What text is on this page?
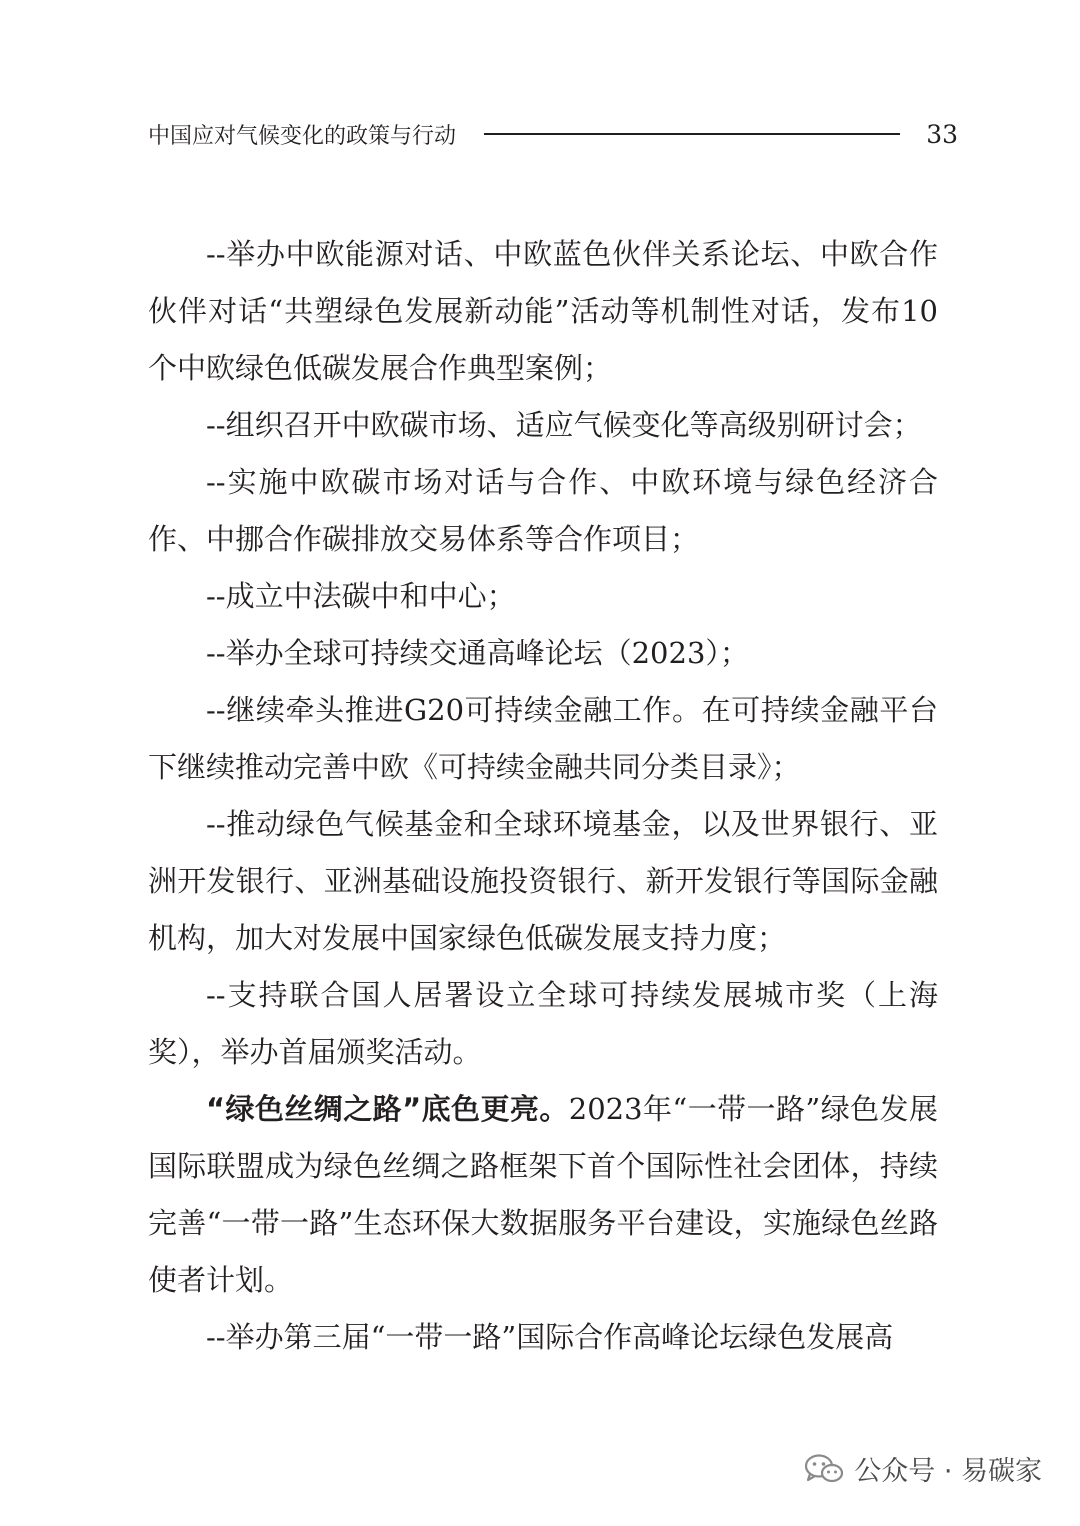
中国应对气候变化的政策与行动	33

--举办中欧能源对话、中欧蓝色伙伴关系论坛、中欧合作伙伴对话“共塑绿色发展新动能”活动等机制性对话，发布10个中欧绿色低碳发展合作典型案例；

--组织召开中欧碳市场、适应气候变化等高级别研讨会；

--实施中欧碳市场对话与合作、中欧环境与绿色经济合作、中挪合作碳排放交易体系等合作项目；

--成立中法碳中和中心；

--举办全球可持续交通高峰论坛（2023）；

--继续牵头推进G20可持续金融工作。在可持续金融平台下继续推动完善中欧《可持续金融共同分类目录》；

--推动绿色气候基金和全球环境基金，以及世界银行、亚洲开发银行、亚洲基础设施投资银行、新开发银行等国际金融机构，加大对发展中国家绿色低碳发展支持力度；

--支持联合国人居署设立全球可持续发展城市奖（上海奖），举办首届颁奖活动。

“绿色丝绸之路”底色更亮。2023年“一带一路”绿色发展国际联盟成为绿色丝绸之路框架下首个国际性社会团体，持续完善“一带一路”生态环保大数据服务平台建设，实施绿色丝路使者计划。

--举办第三届“一带一路”国际合作高峰论坛绿色发展高

公众号 · 易碳家
